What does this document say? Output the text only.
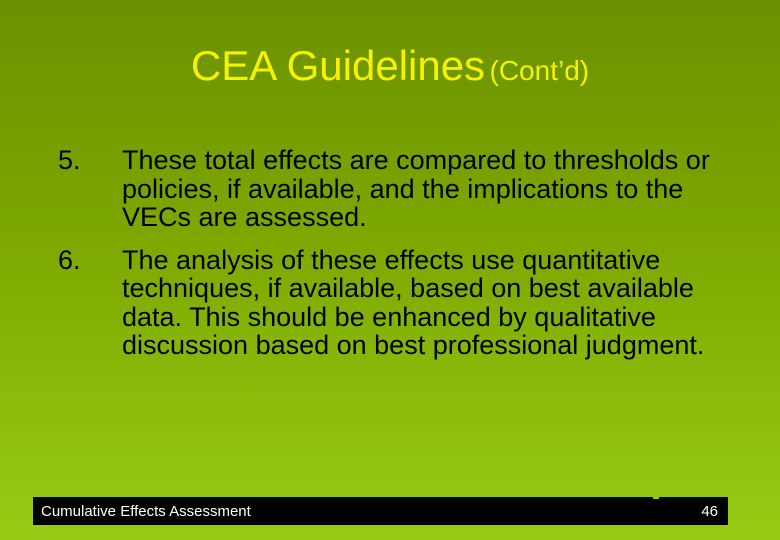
CEA Guidelines (Cont’d)
5. These total effects are compared to thresholds or policies, if available, and the implications to the VECs are assessed.
6. The analysis of these effects use quantitative techniques, if available, based on best available data. This should be enhanced by qualitative discussion based on best professional judgment.
Cumulative Effects Assessment	46
